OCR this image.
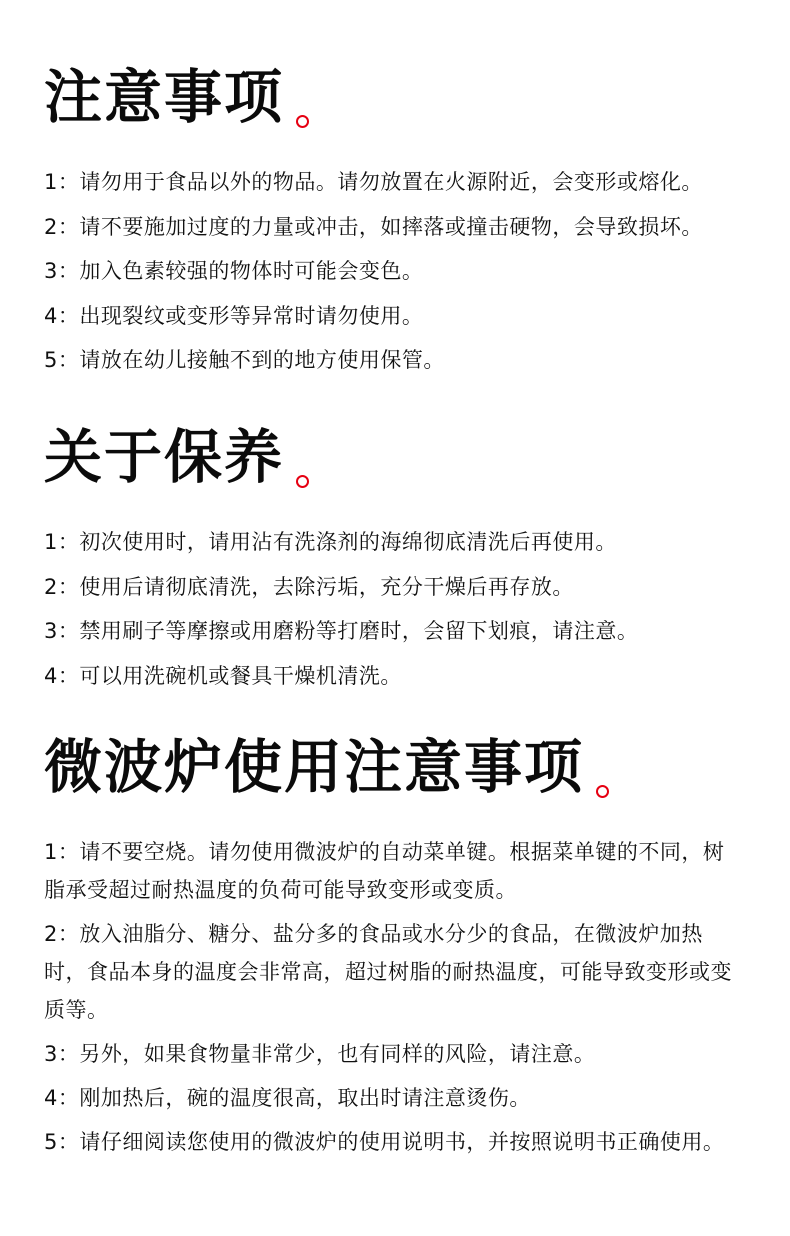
注意事项
1：请勿用于食品以外的物品。请勿放置在火源附近，会变形或熔化。
2：请不要施加过度的力量或冲击，如摔落或撞击硬物，会导致损坏。
3：加入色素较强的物体时可能会变色。
4：出现裂纹或变形等异常时请勿使用。
5：请放在幼儿接触不到的地方使用保管。
关于保养
1：初次使用时，请用沾有洗涤剂的海绵彻底清洗后再使用。
2：使用后请彻底清洗，去除污垢，充分干燥后再存放。
3：禁用刷子等摩擦或用磨粉等打磨时，会留下划痕，请注意。
4：可以用洗碗机或餐具干燥机清洗。
微波炉使用注意事项
1：请不要空烧。请勿使用微波炉的自动菜单键。根据菜单键的不同，树脂承受超过耐热温度的负荷可能导致变形或变质。
2：放入油脂分、糖分、盐分多的食品或水分少的食品，在微波炉加热时，食品本身的温度会非常高，超过树脂的耐热温度，可能导致变形或变质等。
3：另外，如果食物量非常少，也有同样的风险，请注意。
4：刚加热后，碗的温度很高，取出时请注意烫伤。
5：请仔细阅读您使用的微波炉的使用说明书，并按照说明书正确使用。
